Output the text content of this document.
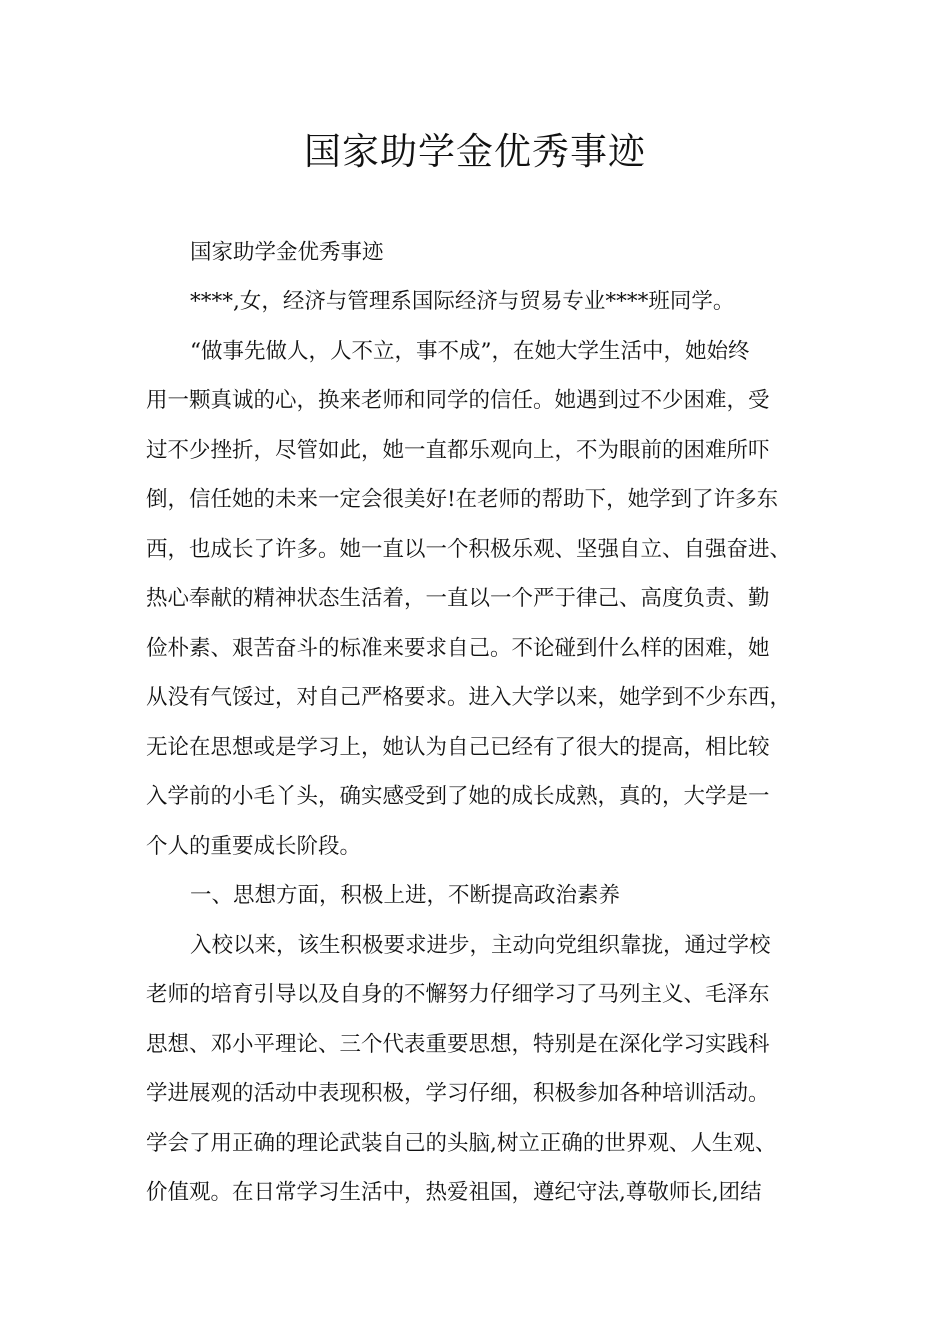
国家助学金优秀事迹
国家助学金优秀事迹
****,女，经济与管理系国际经济与贸易专业****班同学。
“做事先做人，人不立，事不成”，在她大学生活中，她始终
用一颗真诚的心，换来老师和同学的信任。她遇到过不少困难，受
过不少挫折，尽管如此，她一直都乐观向上，不为眼前的困难所吓
倒，信任她的未来一定会很美好!在老师的帮助下，她学到了许多东
西，也成长了许多。她一直以一个积极乐观、坚强自立、自强奋进、
热心奉献的精神状态生活着，一直以一个严于律己、高度负责、勤
俭朴素、艰苦奋斗的标准来要求自己。不论碰到什么样的困难，她
从没有气馁过，对自己严格要求。进入大学以来，她学到不少东西，
无论在思想或是学习上，她认为自己已经有了很大的提高，相比较
入学前的小毛丫头，确实感受到了她的成长成熟，真的，大学是一
个人的重要成长阶段。
一、思想方面，积极上进，不断提高政治素养
入校以来，该生积极要求进步，主动向党组织靠拢，通过学校
老师的培育引导以及自身的不懈努力仔细学习了马列主义、毛泽东
思想、邓小平理论、三个代表重要思想，特别是在深化学习实践科
学进展观的活动中表现积极，学习仔细，积极参加各种培训活动。
学会了用正确的理论武装自己的头脑,树立正确的世界观、人生观、
价值观。在日常学习生活中，热爱祖国，遵纪守法,尊敬师长,团结
